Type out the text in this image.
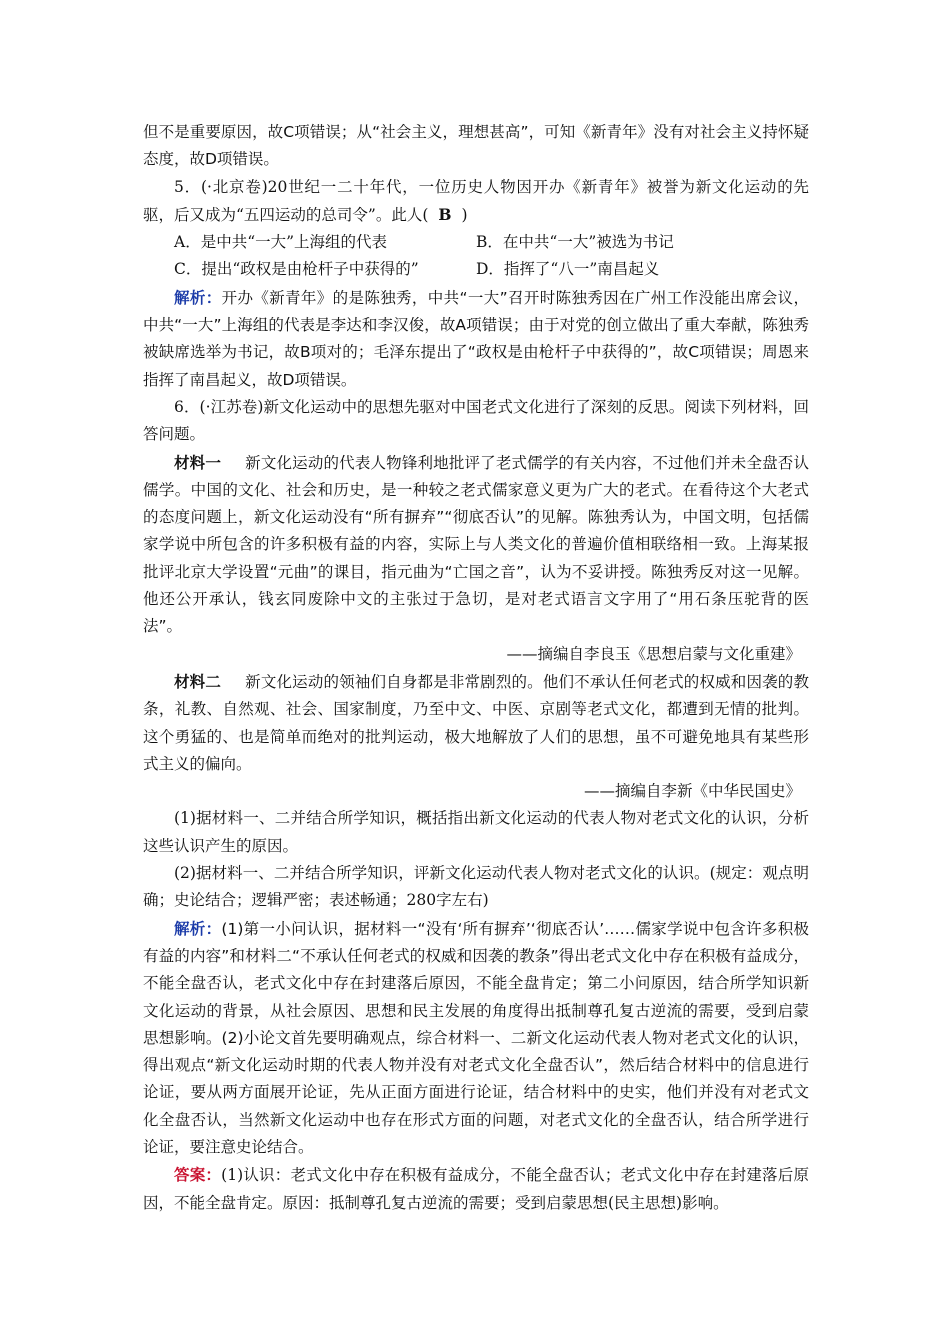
但不是重要原因，故C项错误；从“社会主义，理想甚高”，可知《新青年》没有对社会主义持怀疑态度，故D项错误。

5．(·北京卷)20世纪一二十年代，一位历史人物因开办《新青年》被誉为新文化运动的先驱，后又成为“五四运动的总司令”。此人( B )

A．是中共“一大”上海组的代表	B．在中共“一大”被选为书记
C．提出“政权是由枪杆子中获得的”	D．指挥了“八一”南昌起义

解析：开办《新青年》的是陈独秀，中共“一大”召开时陈独秀因在广州工作没能出席会议，中共“一大”上海组的代表是李达和李汉俊，故A项错误；由于对党的创立做出了重大奉献，陈独秀被缺席选举为书记，故B项对的；毛泽东提出了“政权是由枪杆子中获得的”，故C项错误；周恩来指挥了南昌起义，故D项错误。

6．(·江苏卷)新文化运动中的思想先驱对中国老式文化进行了深刻的反思。阅读下列材料，回答问题。

材料一 新文化运动的代表人物锋利地批评了老式儒学的有关内容，不过他们并未全盘否认儒学。中国的文化、社会和历史，是一种较之老式儒家意义更为广大的老式。在看待这个大老式的态度问题上，新文化运动没有“所有摒弃”“彻底否认”的见解。陈独秀认为，中国文明，包括儒家学说中所包含的许多积极有益的内容，实际上与人类文化的普遍价值相联络相一致。上海某报批评北京大学设置“元曲”的课目，指元曲为“亡国之音”，认为不妥讲授。陈独秀反对这一见解。他还公开承认，钱玄同废除中文的主张过于急切，是对老式语言文字用了“用石条压驼背的医法”。

——摘编自李良玉《思想启蒙与文化重建》

材料二 新文化运动的领袖们自身都是非常剧烈的。他们不承认任何老式的权威和因袭的教条，礼教、自然观、社会、国家制度，乃至中文、中医、京剧等老式文化，都遭到无情的批判。这个勇猛的、也是简单而绝对的批判运动，极大地解放了人们的思想，虽不可避免地具有某些形式主义的偏向。

——摘编自李新《中华民国史》

(1)据材料一、二并结合所学知识，概括指出新文化运动的代表人物对老式文化的认识，分析这些认识产生的原因。

(2)据材料一、二并结合所学知识，评新文化运动代表人物对老式文化的认识。(规定：观点明确；史论结合；逻辑严密；表述畅通；280字左右)

解析：(1)第一小问认识，据材料一“没有‘所有摒弃’‘彻底否认’……儒家学说中包含许多积极有益的内容”和材料二“不承认任何老式的权威和因袭的教条”得出老式文化中存在积极有益成分，不能全盘否认，老式文化中存在封建落后原因，不能全盘肯定；第二小问原因，结合所学知识新文化运动的背景，从社会原因、思想和民主发展的角度得出抵制尊孔复古逆流的需要，受到启蒙思想影响。(2)小论文首先要明确观点，综合材料一、二新文化运动代表人物对老式文化的认识，得出观点“新文化运动时期的代表人物并没有对老式文化全盘否认”，然后结合材料中的信息进行论证，要从两方面展开论证，先从正面方面进行论证，结合材料中的史实，他们并没有对老式文化全盘否认，当然新文化运动中也存在形式方面的问题，对老式文化的全盘否认，结合所学进行论证，要注意史论结合。

答案：(1)认识：老式文化中存在积极有益成分，不能全盘否认；老式文化中存在封建落后原因，不能全盘肯定。原因：抵制尊孔复古逆流的需要；受到启蒙思想(民主思想)影响。
